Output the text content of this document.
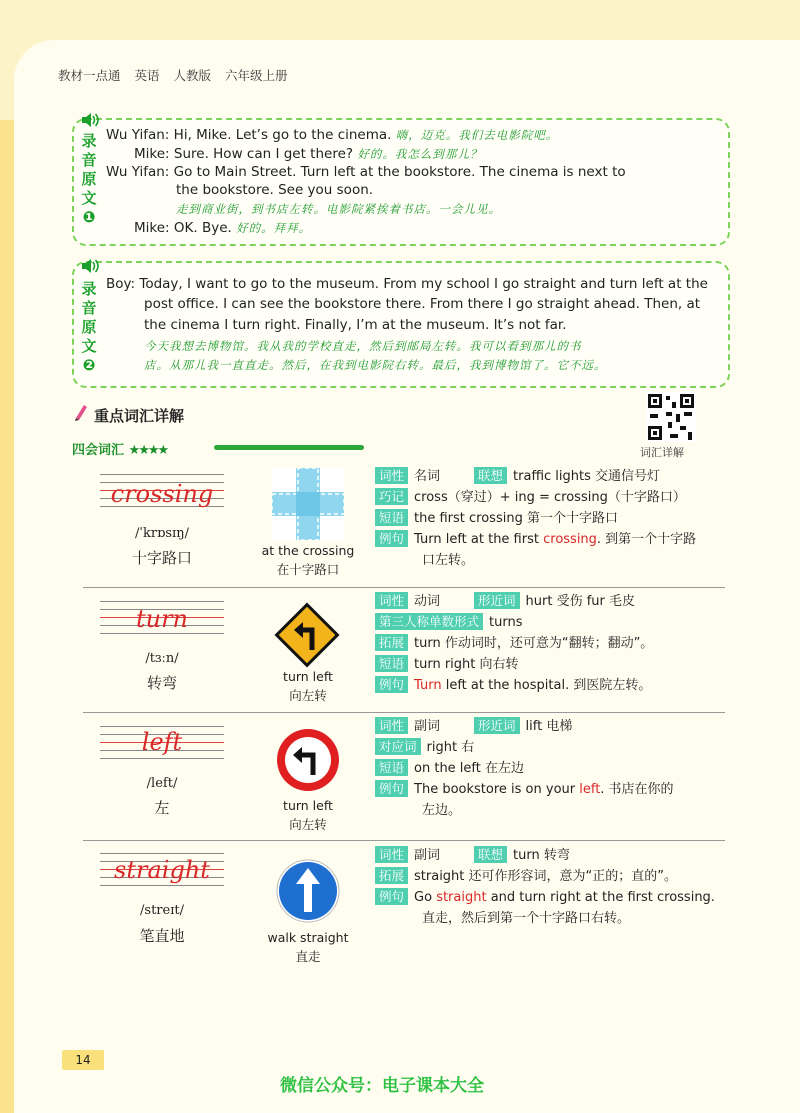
教材一点通 英语 人教版 六年级上册
录
音
原
文
❶
Wu Yifan: Hi, Mike. Let’s go to the cinema. 嗨，迈克。我们去电影院吧。
Mike: Sure. How can I get there? 好的。我怎么到那儿？
Wu Yifan: Go to Main Street. Turn left at the bookstore. The cinema is next to
the bookstore. See you soon.
走到商业街，到书店左转。电影院紧挨着书店。一会儿见。
Mike: OK. Bye. 好的。拜拜。
录
音
原
文
❷
Boy: Today, I want to go to the museum. From my school I go straight and turn left at the
post office. I can see the bookstore there. From there I go straight ahead. Then, at
the cinema I turn right. Finally, I’m at the museum. It’s not far.
今天我想去博物馆。我从我的学校直走，然后到邮局左转。我可以看到那儿的书
店。从那儿我一直直走。然后，在我到电影院右转。最后，我到博物馆了。它不远。
重点词汇详解
词汇详解
四会词汇 ★★★★
crossing
/ˈkrɒsɪŋ/
十字路口	at the crossing
在十字路口
词性 名词	联想 traffic lights 交通信号灯
巧记 cross（穿过）+ ing = crossing（十字路口）
短语 the first crossing 第一个十字路口
例句 Turn left at the first crossing. 到第一个十字路
口左转。
turn
/tɜːn/
转弯	turn left
向左转
词性 动词	形近词 hurt 受伤 fur 毛皮
第三人称单数形式 turns
拓展 turn 作动词时，还可意为“翻转；翻动”。
短语 turn right 向右转
例句 Turn left at the hospital. 到医院左转。
left
/left/
左	turn left
向左转
词性 副词	形近词 lift 电梯
对应词 right 右
短语 on the left 在左边
例句 The bookstore is on your left. 书店在你的
左边。
straight
/streɪt/
笔直地	walk straight
直走
词性 副词	联想 turn 转弯
拓展 straight 还可作形容词，意为“正的；直的”。
例句 Go straight and turn right at the first crossing.
直走，然后到第一个十字路口右转。
14
微信公众号：电子课本大全
